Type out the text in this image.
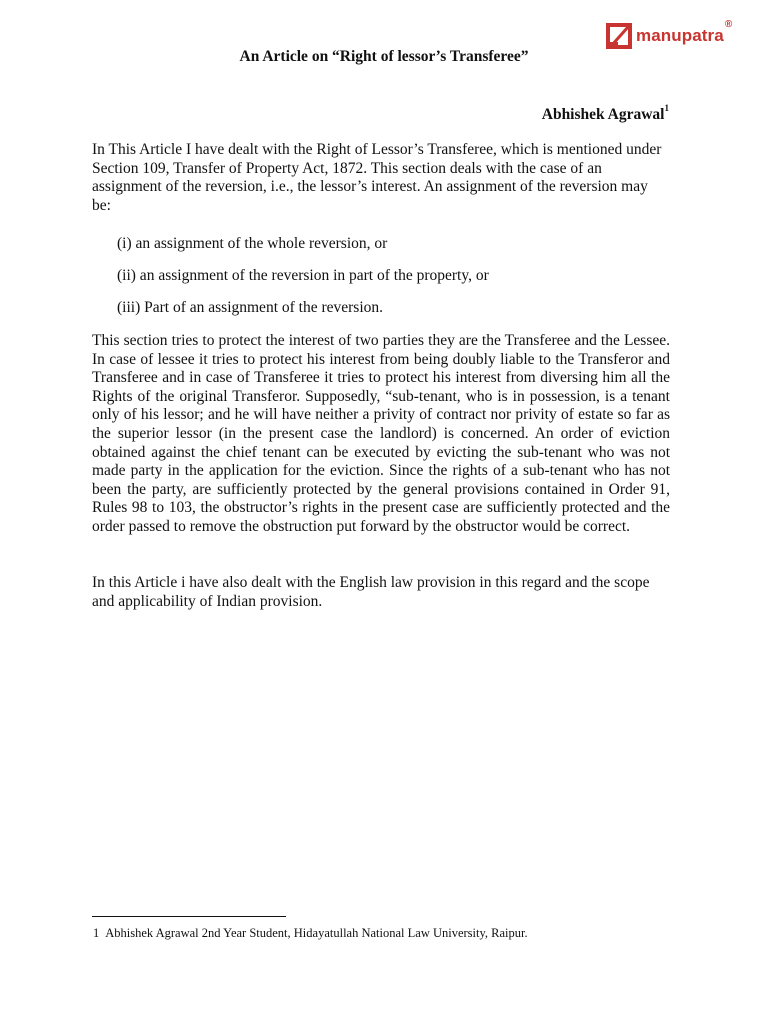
manupatra
®
An Article on “Right of lessor’s Transferee”
Abhishek Agrawal$^1$

In This Article I have dealt with the Right of Lessor’s Transferee, which is mentioned under Section 109, Transfer of Property Act, 1872. This section deals with the case of an assignment of the reversion, i.e., the lessor’s interest. An assignment of the reversion may be:

(i) an assignment of the whole reversion, or
(ii) an assignment of the reversion in part of the property, or
(iii) Part of an assignment of the reversion.

This section tries to protect the interest of two parties they are the Transferee and the Lessee. In case of lessee it tries to protect his interest from being doubly liable to the Transferor and Transferee and in case of Transferee it tries to protect his interest from diversing him all the Rights of the original Transferor. Supposedly, “sub-tenant, who is in possession, is a tenant only of his lessor; and he will have neither a privity of contract nor privity of estate so far as the superior lessor (in the present case the landlord) is concerned. An order of eviction obtained against the chief tenant can be executed by evicting the sub-tenant who was not made party in the application for the eviction. Since the rights of a sub-tenant who has not been the party, are sufficiently protected by the general provisions contained in Order 91, Rules 98 to 103, the obstructor’s rights in the present case are sufficiently protected and the order passed to remove the obstruction put forward by the obstructor would be correct.

In this Article i have also dealt with the English law provision in this regard and the scope and applicability of Indian provision.

1 Abhishek Agrawal 2nd Year Student, Hidayatullah National Law University, Raipur.
